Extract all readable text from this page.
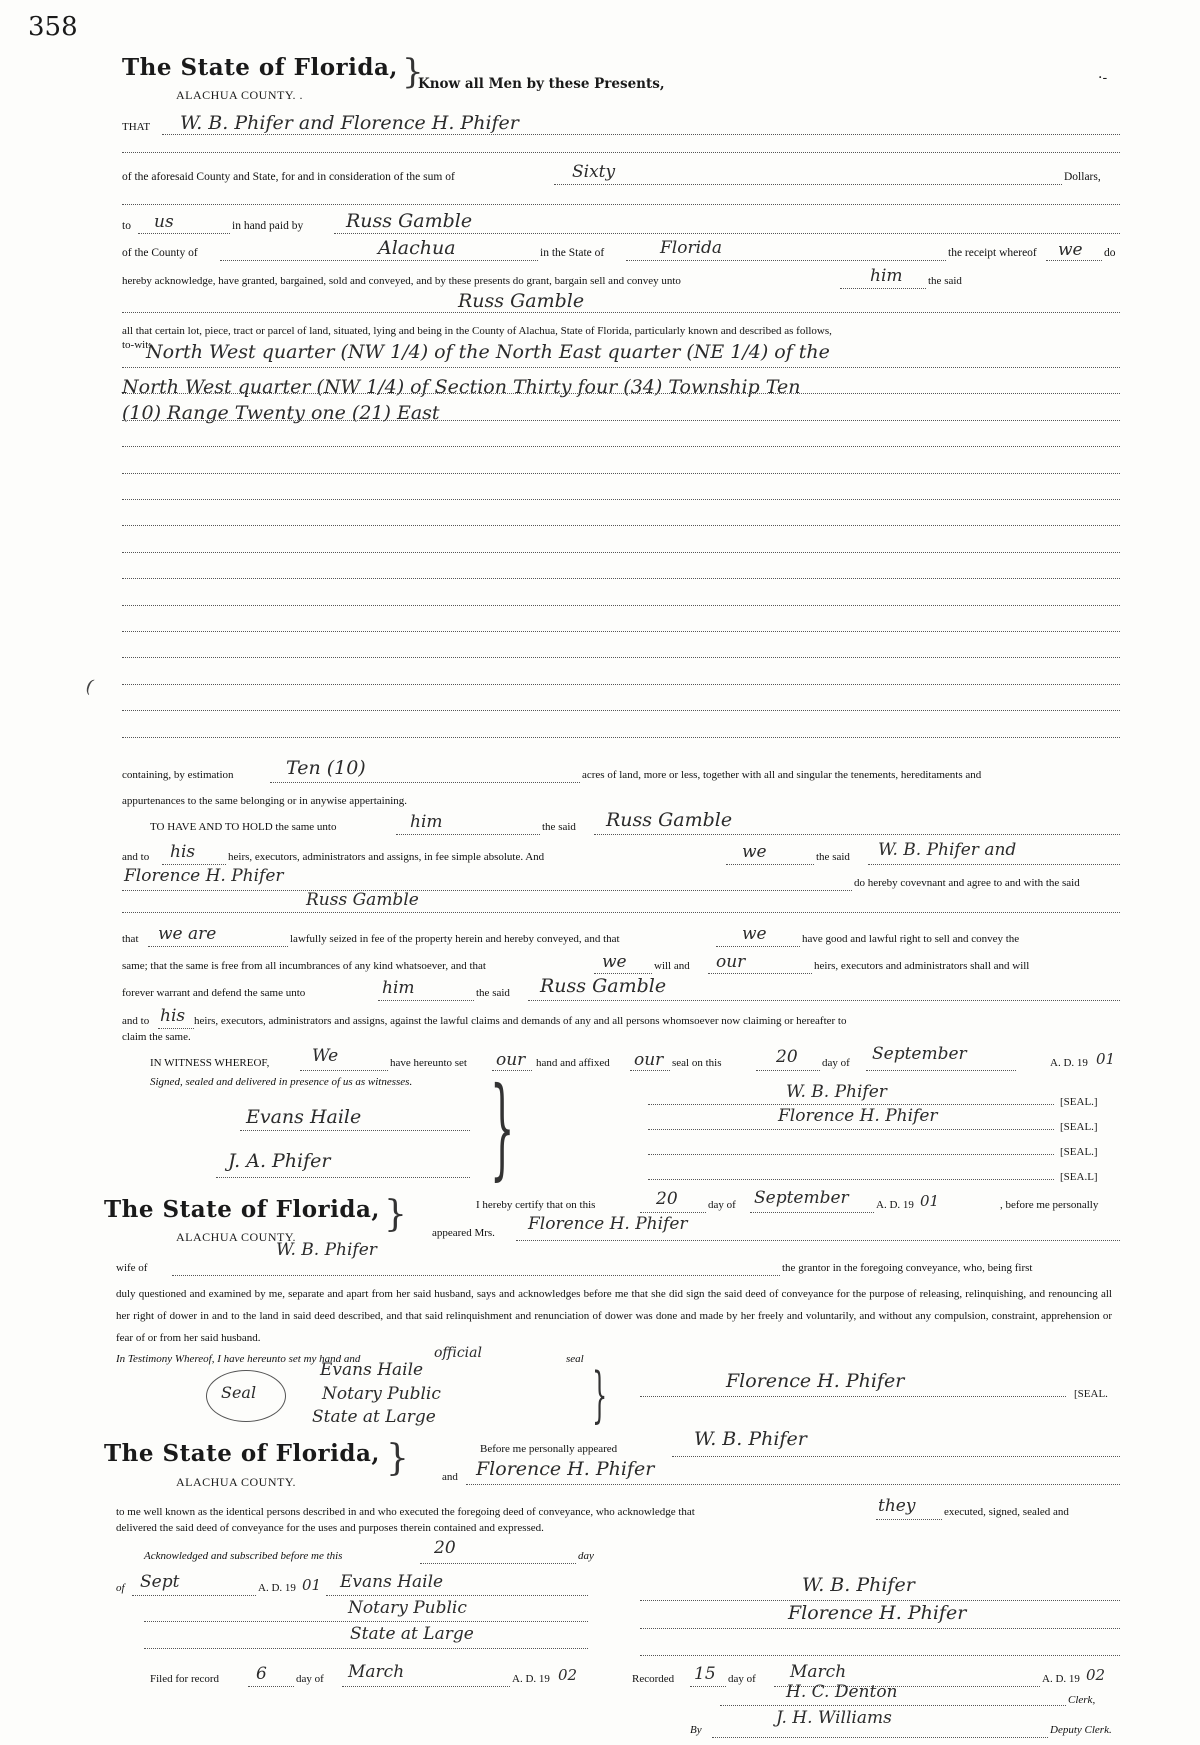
358
The State of Florida,
ALACHUA COUNTY. .
}
Know all Men by these Presents,	·-
THAT W. B. Phifer and Florence H. Phifer
of the aforesaid County and State, for and in consideration of the sum of	Sixty	Dollars,
to us	in hand paid by Russ Gamble
of the County of	Alachua	in the State of	Florida	the receipt whereof we do
hereby acknowledge, have granted, bargained, sold and conveyed, and by these presents do grant, bargain sell and convey unto	him the said
Russ Gamble
all that certain lot, piece, tract or parcel of land, situated, lying and being in the County of Alachua, State of Florida, particularly known and described as follows,
to-wit:
North West quarter (NW 1/4) of the North East quarter (NE 1/4) of the
North West quarter (NW 1/4) of Section Thirty four (34) Township Ten
(10) Range Twenty one (21) East
containing, by estimation	Ten (10)	acres of land, more or less, together with all and singular the tenements, hereditaments and
appurtenances to the same belonging or in anywise appertaining.
TO HAVE AND TO HOLD the same unto	him	the said Russ Gamble
and to his	heirs, executors, administrators and assigns, in fee simple absolute. And	we	the said W. B. Phifer and
Florence H. Phifer	do hereby covevnant and agree to and with the said
Russ Gamble
that we are	lawfully seized in fee of the property herein and hereby conveyed, and that	we	have good and lawful right to sell and convey the
same; that the same is free from all incumbrances of any kind whatsoever, and that	we will and our	heirs, executors and administrators shall and will
forever warrant and defend the same unto	him	the said Russ Gamble
and to his heirs, executors, administrators and assigns, against the lawful claims and demands of any and all persons whomsoever now claiming or hereafter to
claim the same.
IN WITNESS WHEREOF,	We	have hereunto set our hand and affixed our seal on this	20 day of September	A. D. 19 01
Signed, sealed and delivered in presence of us as witnesses. }
Evans Haile
J. A. Phifer
W. B. Phifer	[SEAL.]
Florence H. Phifer
[SEAL.]
[SEAL.]
[SEA.L]
The State of Florida,
ALACHUA COUNTY.
}	I hereby certify that on this	20	day of September A. D. 19 01	, before me personally
appeared Mrs. Florence H. Phifer
wife of
W. B. Phifer
the grantor in the foregoing conveyance, who, being first
duly questioned and examined by me, separate and apart from her said husband, says and acknowledges before me that she did sign the said deed of conveyance for the purpose of releasing, relinquishing, and renouncing all her right of dower in and to the land in said deed described, and that said relinquishment and renunciation of dower was done and made by her freely and voluntarily, and without any compulsion, constraint, apprehension or fear of or from her said husband.
In Testimony Whereof, I have hereunto set my hand and	official	seal
Seal
Evans Haile
Notary Public
State at Large	}	Florence H. Phifer
[SEAL.
The State of Florida,
ALACHUA COUNTY.
}	Before me personally appeared	W. B. Phifer
and Florence H. Phifer
to me well known as the identical persons described in and who executed the foregoing deed of conveyance, who acknowledge that	they	executed, signed, sealed and
delivered the said deed of conveyance for the uses and purposes therein contained and expressed.
Acknowledged and subscribed before me this	20	day
of Sept	A. D. 19 01 Evans Haile
Notary Public
State at Large
W. B. Phifer
Florence H. Phifer
Filed for record 6	day of March	A. D. 19 02	Recorded 15 day of March	A. D. 19 02
H. C. Denton	Clerk,
By
J. H. Williams
Deputy Clerk.
(
